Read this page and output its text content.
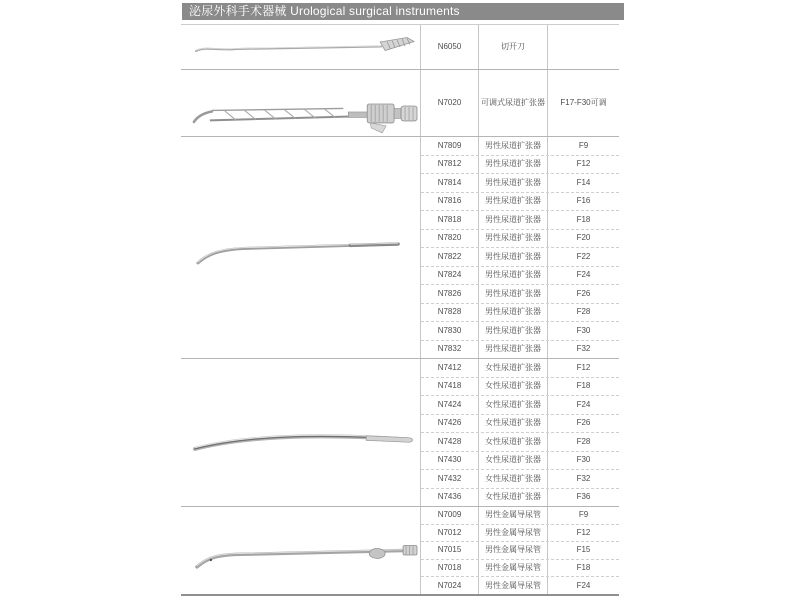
泌尿外科手术器械 Urological surgical instruments
N6050	切开刀
N7020	可调式尿道扩张器	F17-F30可调
N7809	男性尿道扩张器	F9
N7812	男性尿道扩张器	F12
N7814	男性尿道扩张器	F14
N7816	男性尿道扩张器	F16
N7818	男性尿道扩张器	F18
N7820	男性尿道扩张器	F20
N7822	男性尿道扩张器	F22
N7824	男性尿道扩张器	F24
N7826	男性尿道扩张器	F26
N7828	男性尿道扩张器	F28
N7830	男性尿道扩张器	F30
N7832	男性尿道扩张器	F32
N7412	女性尿道扩张器	F12
N7418	女性尿道扩张器	F18
N7424	女性尿道扩张器	F24
N7426	女性尿道扩张器	F26
N7428	女性尿道扩张器	F28
N7430	女性尿道扩张器	F30
N7432	女性尿道扩张器	F32
N7436	女性尿道扩张器	F36
N7009	男性金属导尿管	F9
N7012	男性金属导尿管	F12
N7015	男性金属导尿管	F15
N7018	男性金属导尿管	F18
N7024	男性金属导尿管	F24
